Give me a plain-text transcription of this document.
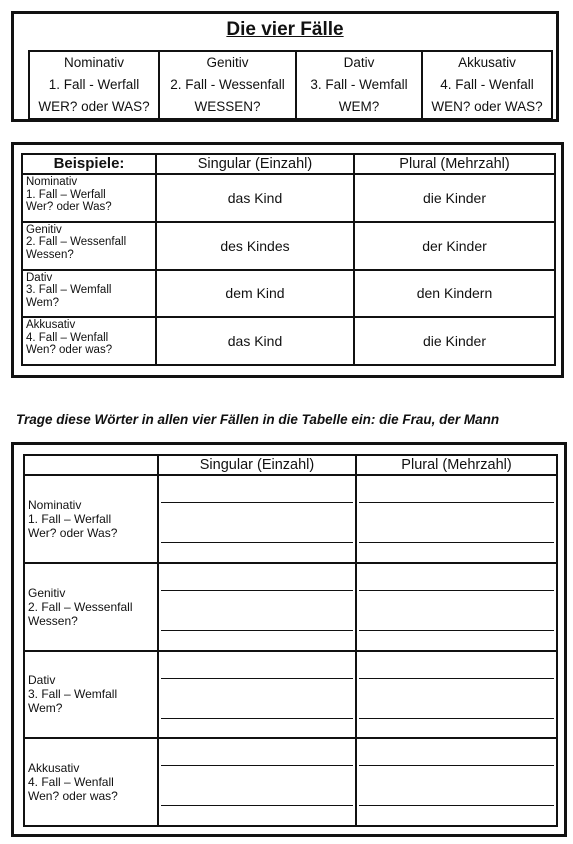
Die vier Fälle
Nominativ
1. Fall - Werfall
WER? oder WAS?

Genitiv
2. Fall - Wessenfall
WESSEN?

Dativ
3. Fall - Wemfall
WEM?

Akkusativ
4. Fall - Wenfall
WEN? oder WAS?
Beispiele:	Singular (Einzahl)	Plural (Mehrzahl)

Nominativ
1. Fall – Werfall
Wer? oder Was?	das Kind	die Kinder

Genitiv
2. Fall – Wessenfall
Wessen?	des Kindes	der Kinder

Dativ
3. Fall – Wemfall
Wem?	dem Kind	den Kindern

Akkusativ
4. Fall – Wenfall
Wen? oder was?	das Kind	die Kinder
Trage diese Wörter in allen vier Fällen in die Tabelle ein: die Frau, der Mann
	Singular (Einzahl)	Plural (Mehrzahl)

Nominativ
1. Fall – Werfall
Wer? oder Was?		

Genitiv
2. Fall – Wessenfall
Wessen?		

Dativ
3. Fall – Wemfall
Wem?		

Akkusativ
4. Fall – Wenfall
Wen? oder was?		
